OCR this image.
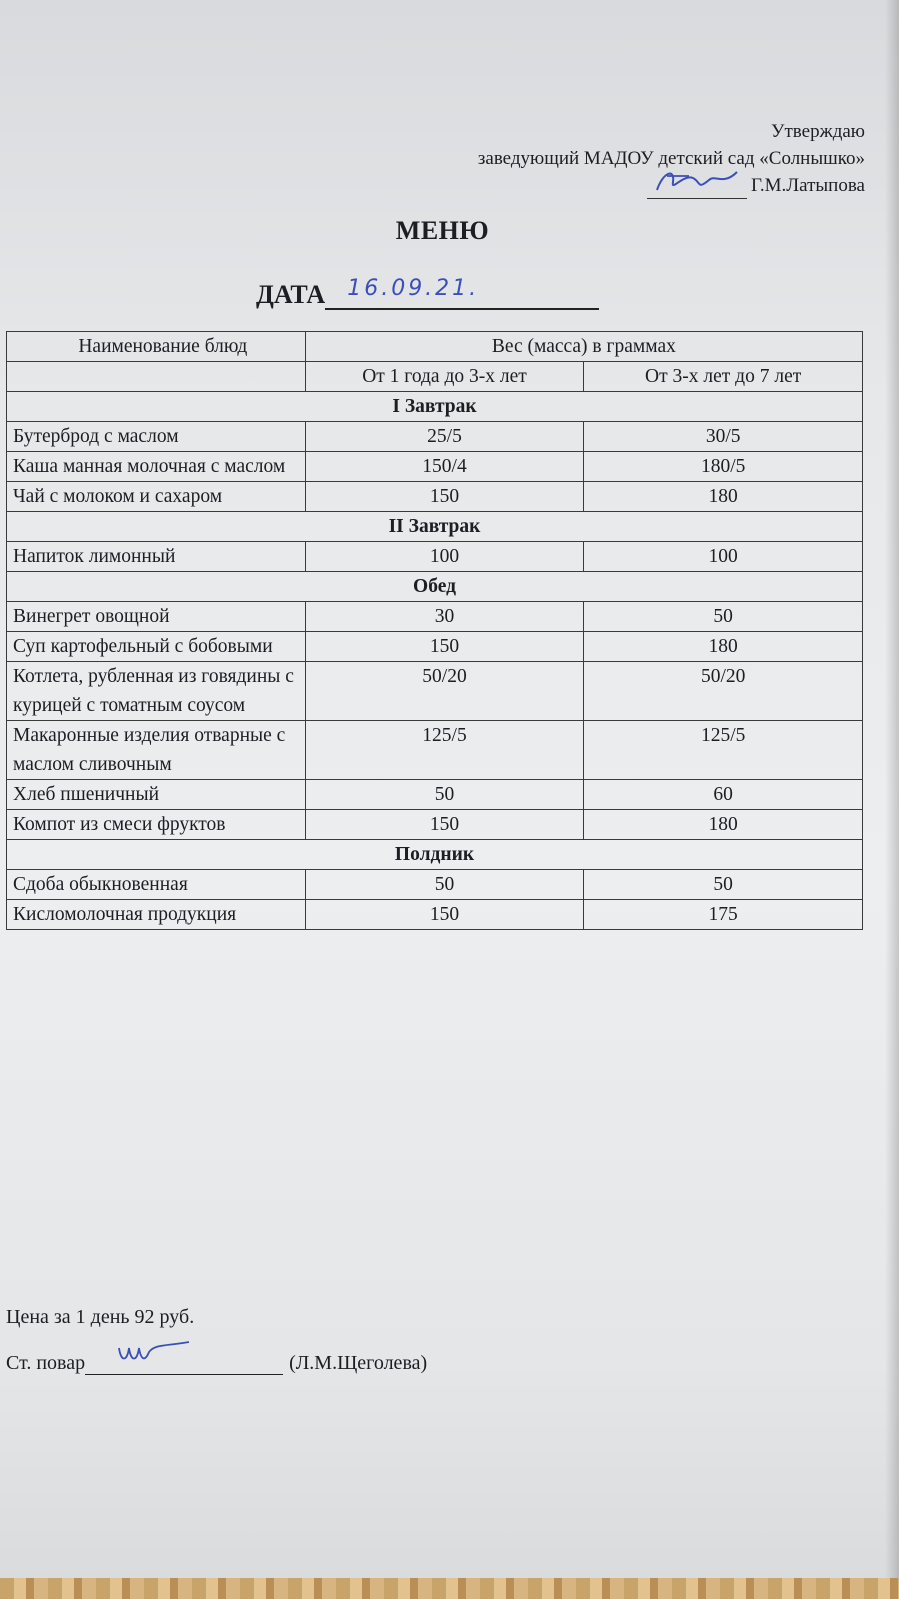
Утверждаю
заведующий МАДОУ детский сад «Солнышко»
Г.М.Латыпова
МЕНЮ
ДАТА 16.09.21.
Наименование блюд	Вес (масса) в граммах	
	От 1 года до 3-х лет	От 3-х лет до 7 лет
I Завтрак		
Бутерброд с маслом	25/5	30/5
Каша манная молочная с маслом	150/4	180/5
Чай с молоком и сахаром	150	180
II Завтрак		
Напиток лимонный	100	100
Обед		
Винегрет овощной	30	50
Суп картофельный с бобовыми	150	180
Котлета, рубленная из говядины с курицей с томатным соусом	50/20	50/20
Макаронные изделия отварные с маслом сливочным	125/5	125/5
Хлеб пшеничный	50	60
Компот из смеси фруктов	150	180
Полдник		
Сдоба обыкновенная	50	50
Кисломолочная продукция	150	175
Цена за 1 день 92 руб.
Ст. повар	(Л.М.Щеголева)
